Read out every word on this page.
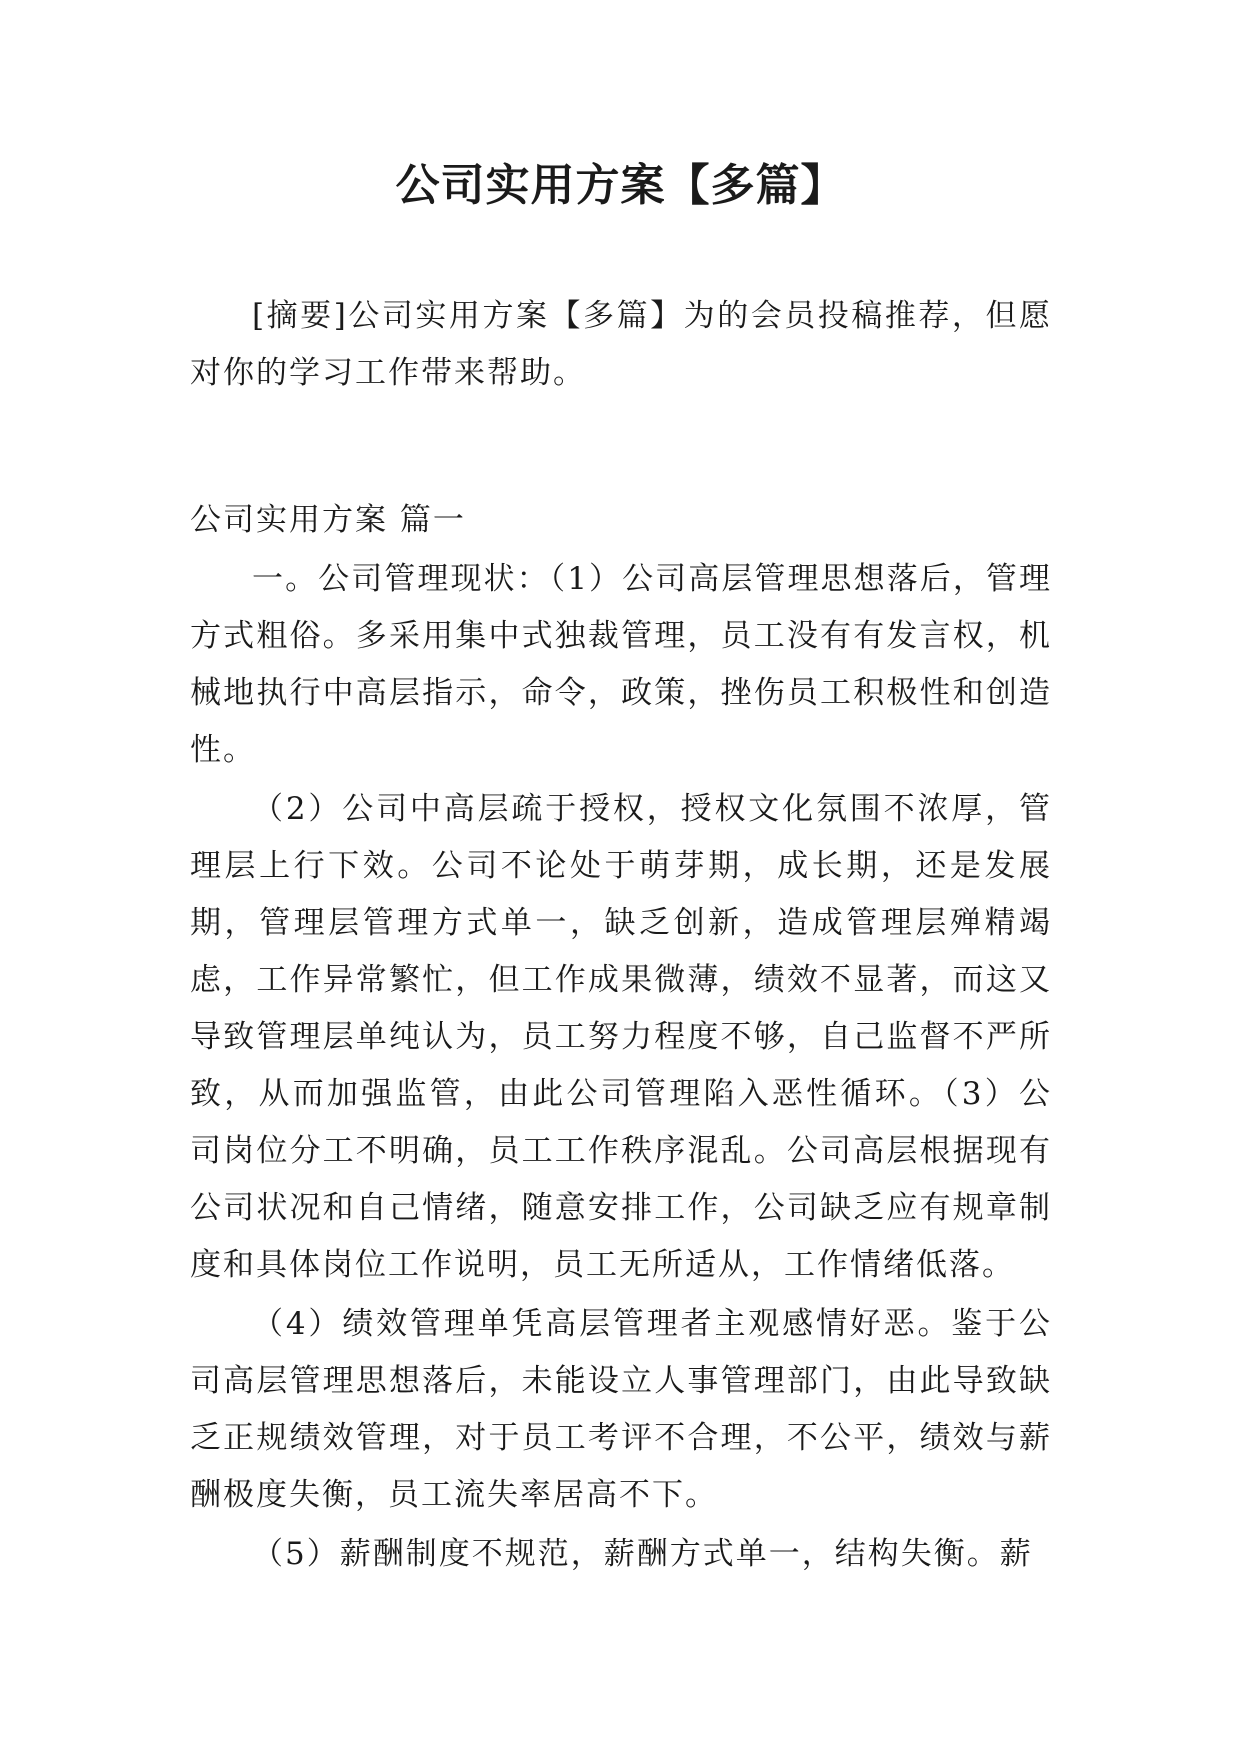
公司实用方案【多篇】

[摘要]公司实用方案【多篇】为的会员投稿推荐，但愿对你的学习工作带来帮助。

公司实用方案 篇一

一。公司管理现状：（1）公司高层管理思想落后，管理方式粗俗。多采用集中式独裁管理，员工没有有发言权，机械地执行中高层指示，命令，政策，挫伤员工积极性和创造性。

（2）公司中高层疏于授权，授权文化氛围不浓厚，管理层上行下效。公司不论处于萌芽期，成长期，还是发展期，管理层管理方式单一，缺乏创新，造成管理层殚精竭虑，工作异常繁忙，但工作成果微薄，绩效不显著，而这又导致管理层单纯认为，员工努力程度不够，自己监督不严所致，从而加强监管，由此公司管理陷入恶性循环。（3）公司岗位分工不明确，员工工作秩序混乱。公司高层根据现有公司状况和自己情绪，随意安排工作，公司缺乏应有规章制度和具体岗位工作说明，员工无所适从，工作情绪低落。

（4）绩效管理单凭高层管理者主观感情好恶。鉴于公司高层管理思想落后，未能设立人事管理部门，由此导致缺乏正规绩效管理，对于员工考评不合理，不公平，绩效与薪酬极度失衡，员工流失率居高不下。

（5）薪酬制度不规范，薪酬方式单一，结构失衡。薪
